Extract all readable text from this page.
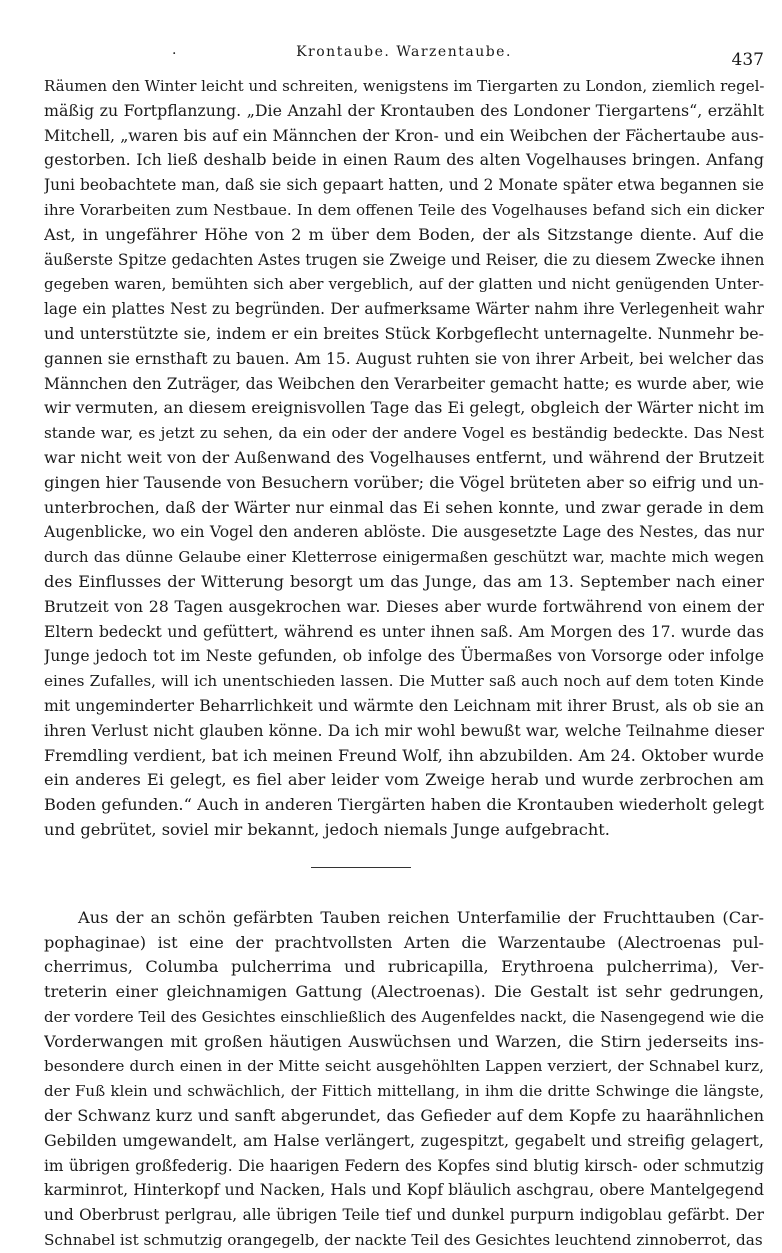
·	Krontaube. Warzentaube.	437
Räumen den Winter leicht und schreiten, wenigstens im Tiergarten zu London, ziemlich regel-
mäßig zu Fortpflanzung. „Die Anzahl der Krontauben des Londoner Tiergartens“, erzählt
Mitchell, „waren bis auf ein Männchen der Kron- und ein Weibchen der Fächertaube aus-
gestorben. Ich ließ deshalb beide in einen Raum des alten Vogelhauses bringen. Anfang
Juni beobachtete man, daß sie sich gepaart hatten, und 2 Monate später etwa begannen sie
ihre Vorarbeiten zum Nestbaue. In dem offenen Teile des Vogelhauses befand sich ein dicker
Ast, in ungefährer Höhe von 2 m über dem Boden, der als Sitzstange diente. Auf die
äußerste Spitze gedachten Astes trugen sie Zweige und Reiser, die zu diesem Zwecke ihnen
gegeben waren, bemühten sich aber vergeblich, auf der glatten und nicht genügenden Unter-
lage ein plattes Nest zu begründen. Der aufmerksame Wärter nahm ihre Verlegenheit wahr
und unterstützte sie, indem er ein breites Stück Korbgeflecht unternagelte. Nunmehr be-
gannen sie ernsthaft zu bauen. Am 15. August ruhten sie von ihrer Arbeit, bei welcher das
Männchen den Zuträger, das Weibchen den Verarbeiter gemacht hatte; es wurde aber, wie
wir vermuten, an diesem ereignisvollen Tage das Ei gelegt, obgleich der Wärter nicht im
stande war, es jetzt zu sehen, da ein oder der andere Vogel es beständig bedeckte. Das Nest
war nicht weit von der Außenwand des Vogelhauses entfernt, und während der Brutzeit
gingen hier Tausende von Besuchern vorüber; die Vögel brüteten aber so eifrig und un-
unterbrochen, daß der Wärter nur einmal das Ei sehen konnte, und zwar gerade in dem
Augenblicke, wo ein Vogel den anderen ablöste. Die ausgesetzte Lage des Nestes, das nur
durch das dünne Gelaube einer Kletterrose einigermaßen geschützt war, machte mich wegen
des Einflusses der Witterung besorgt um das Junge, das am 13. September nach einer
Brutzeit von 28 Tagen ausgekrochen war. Dieses aber wurde fortwährend von einem der
Eltern bedeckt und gefüttert, während es unter ihnen saß. Am Morgen des 17. wurde das
Junge jedoch tot im Neste gefunden, ob infolge des Übermaßes von Vorsorge oder infolge
eines Zufalles, will ich unentschieden lassen. Die Mutter saß auch noch auf dem toten Kinde
mit ungeminderter Beharrlichkeit und wärmte den Leichnam mit ihrer Brust, als ob sie an
ihren Verlust nicht glauben könne. Da ich mir wohl bewußt war, welche Teilnahme dieser
Fremdling verdient, bat ich meinen Freund Wolf, ihn abzubilden. Am 24. Oktober wurde
ein anderes Ei gelegt, es fiel aber leider vom Zweige herab und wurde zerbrochen am
Boden gefunden.“ Auch in anderen Tiergärten haben die Krontauben wiederholt gelegt
und gebrütet, soviel mir bekannt, jedoch niemals Junge aufgebracht.
Aus der an schön gefärbten Tauben reichen Unterfamilie der Fruchttauben (Car-
pophaginae) ist eine der prachtvollsten Arten die Warzentaube (Alectroenas pul-
cherrimus, Columba pulcherrima und rubricapilla, Erythroena pulcherrima), Ver-
treterin einer gleichnamigen Gattung (Alectroenas). Die Gestalt ist sehr gedrungen,
der vordere Teil des Gesichtes einschließlich des Augenfeldes nackt, die Nasengegend wie die
Vorderwangen mit großen häutigen Auswüchsen und Warzen, die Stirn jederseits ins-
besondere durch einen in der Mitte seicht ausgehöhlten Lappen verziert, der Schnabel kurz,
der Fuß klein und schwächlich, der Fittich mittellang, in ihm die dritte Schwinge die längste,
der Schwanz kurz und sanft abgerundet, das Gefieder auf dem Kopfe zu haarähnlichen
Gebilden umgewandelt, am Halse verlängert, zugespitzt, gegabelt und streifig gelagert,
im übrigen großfederig. Die haarigen Federn des Kopfes sind blutig kirsch- oder schmutzig
karminrot, Hinterkopf und Nacken, Hals und Kopf bläulich aschgrau, obere Mantelgegend
und Oberbrust perlgrau, alle übrigen Teile tief und dunkel purpurn indigoblau gefärbt. Der
Schnabel ist schmutzig orangegelb, der nackte Teil des Gesichtes leuchtend zinnoberrot, das
